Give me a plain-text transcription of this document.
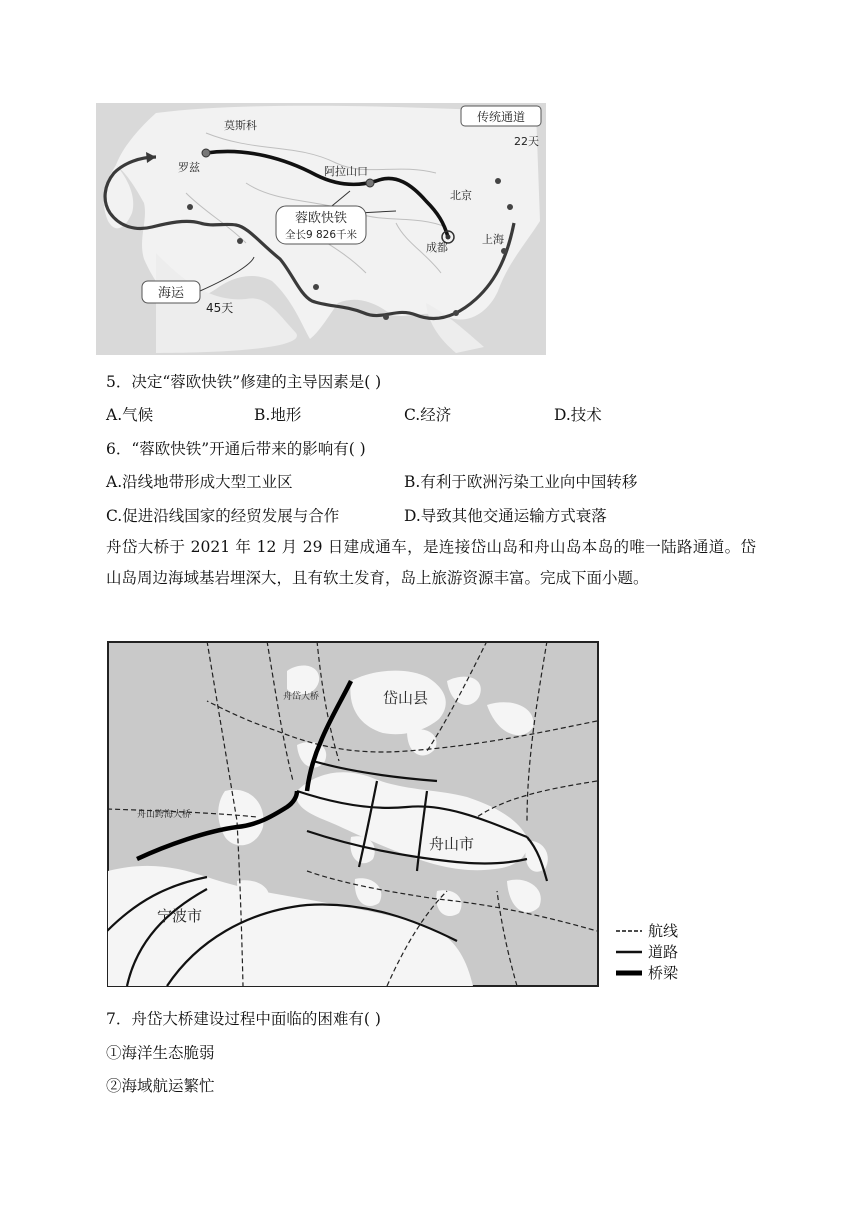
传统通道
22天
莫斯科
罗兹	阿拉山口
北京
上海
成都
蓉欧快铁
全长9 826千米
海运
45天
5．决定“蓉欧快铁”修建的主导因素是( )
A.气候	B.地形	C.经济	D.技术
6．“蓉欧快铁”开通后带来的影响有( )
A.沿线地带形成大型工业区	B.有利于欧洲污染工业向中国转移
C.促进沿线国家的经贸发展与合作	D.导致其他交通运输方式衰落
舟岱大桥于 2021 年 12 月 29 日建成通车，是连接岱山岛和舟山岛本岛的唯一陆路通道。岱山岛周边海域基岩埋深大，且有软土发育，岛上旅游资源丰富。完成下面小题。
舟岱大桥	岱山县
舟山跨海大桥
舟山市
宁波市
航线
道路
桥梁
7．舟岱大桥建设过程中面临的困难有( )
①海洋生态脆弱
②海域航运繁忙
